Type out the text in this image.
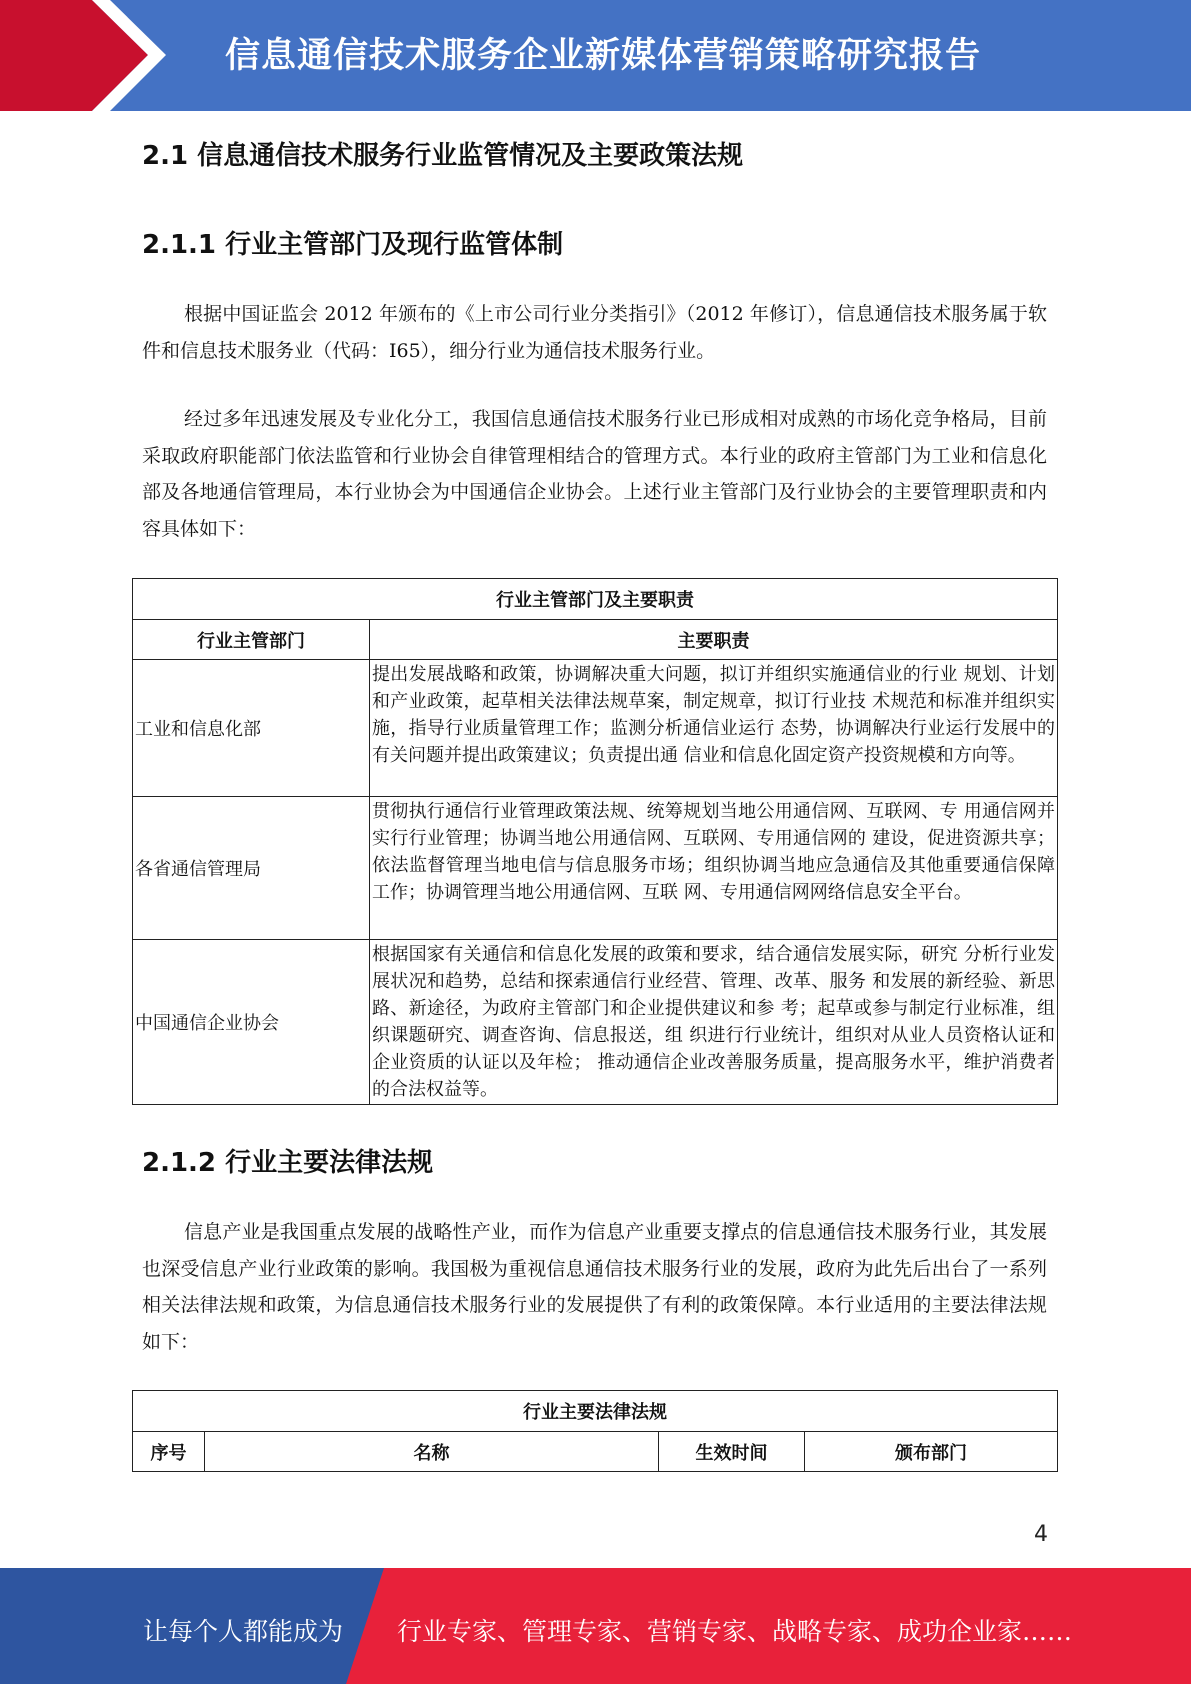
信息通信技术服务企业新媒体营销策略研究报告
2.1 信息通信技术服务行业监管情况及主要政策法规
2.1.1 行业主管部门及现行监管体制

根据中国证监会 2012 年颁布的《上市公司行业分类指引》（2012 年修订），信息通信技术服务属于软件和信息技术服务业（代码：I65），细分行业为通信技术服务行业。

经过多年迅速发展及专业化分工，我国信息通信技术服务行业已形成相对成熟的市场化竞争格局，目前采取政府职能部门依法监管和行业协会自律管理相结合的管理方式。本行业的政府主管部门为工业和信息化部及各地通信管理局，本行业协会为中国通信企业协会。上述行业主管部门及行业协会的主要管理职责和内容具体如下：

行业主管部门及主要职责	
行业主管部门	主要职责
工业和信息化部	提出发展战略和政策，协调解决重大问题，拟订并组织实施通信业的行业 规划、计划和产业政策，起草相关法律法规草案，制定规章，拟订行业技 术规范和标准并组织实施，指导行业质量管理工作；监测分析通信业运行 态势，协调解决行业运行发展中的有关问题并提出政策建议；负责提出通 信业和信息化固定资产投资规模和方向等。
各省通信管理局	贯彻执行通信行业管理政策法规、统筹规划当地公用通信网、互联网、专 用通信网并实行行业管理；协调当地公用通信网、互联网、专用通信网的 建设，促进资源共享；依法监督管理当地电信与信息服务市场；组织协调当地应急通信及其他重要通信保障工作；协调管理当地公用通信网、互联 网、专用通信网网络信息安全平台。
中国通信企业协会	根据国家有关通信和信息化发展的政策和要求，结合通信发展实际，研究 分析行业发展状况和趋势，总结和探索通信行业经营、管理、改革、服务 和发展的新经验、新思路、新途径，为政府主管部门和企业提供建议和参 考；起草或参与制定行业标准，组织课题研究、调查咨询、信息报送，组 织进行行业统计，组织对从业人员资格认证和企业资质的认证以及年检； 推动通信企业改善服务质量，提高服务水平，维护消费者的合法权益等。
2.1.2 行业主要法律法规

信息产业是我国重点发展的战略性产业，而作为信息产业重要支撑点的信息通信技术服务行业，其发展也深受信息产业行业政策的影响。我国极为重视信息通信技术服务行业的发展，政府为此先后出台了一系列相关法律法规和政策，为信息通信技术服务行业的发展提供了有利的政策保障。本行业适用的主要法律法规如下：

行业主要法律法规			
序号	名称	生效时间	颁布部门

4
让每个人都能成为 行业专家、管理专家、营销专家、战略专家、成功企业家……
